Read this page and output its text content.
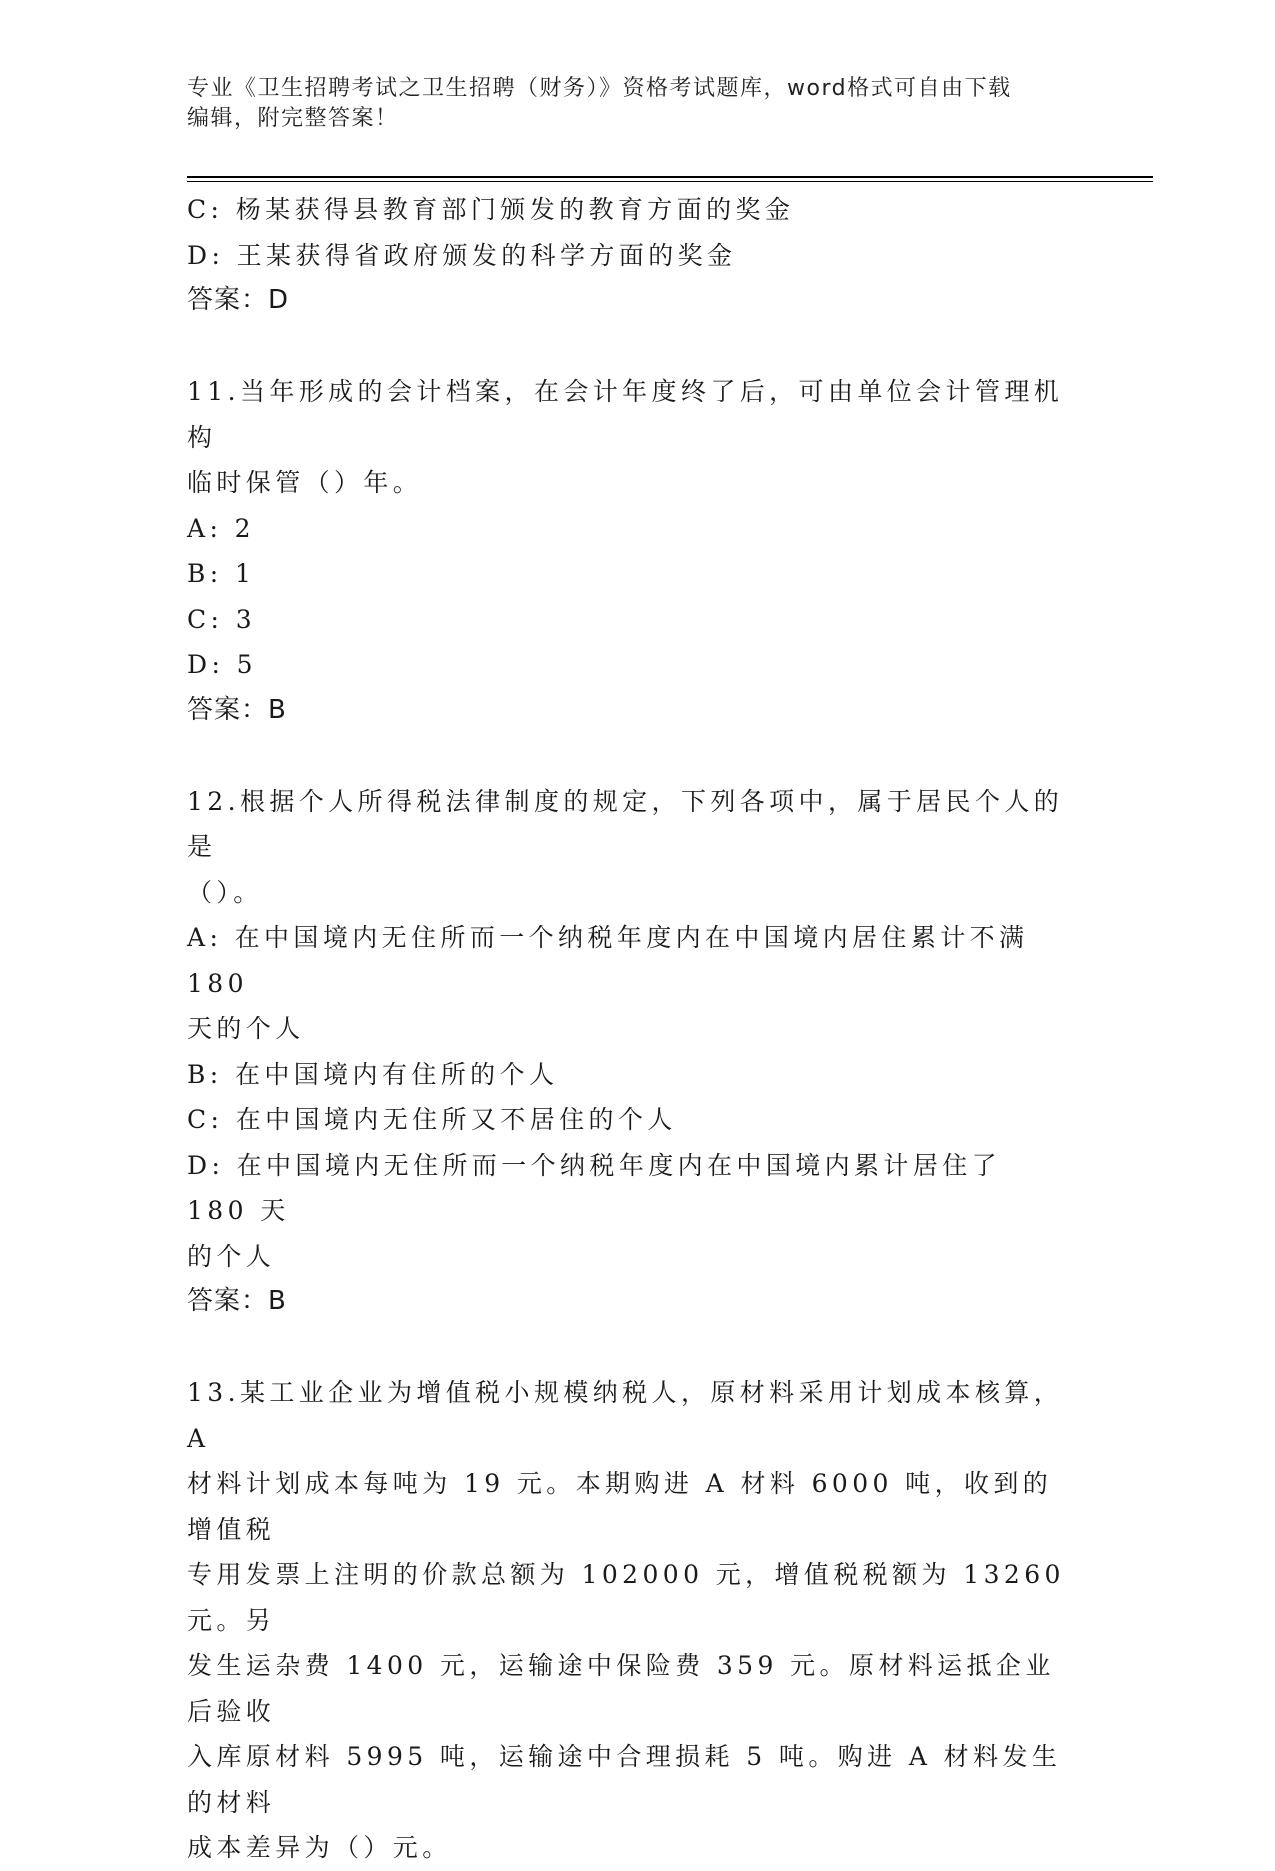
专业《卫生招聘考试之卫生招聘（财务）》资格考试题库，word格式可自由下载
编辑，附完整答案！
C: 杨某获得县教育部门颁发的教育方面的奖金
D: 王某获得省政府颁发的科学方面的奖金
答案：D
11.当年形成的会计档案，在会计年度终了后，可由单位会计管理机构
临时保管（）年。
A: 2
B: 1
C: 3
D: 5
答案：B
12.根据个人所得税法律制度的规定，下列各项中，属于居民个人的是
（）。
A: 在中国境内无住所而一个纳税年度内在中国境内居住累计不满 180
天的个人
B: 在中国境内有住所的个人
C: 在中国境内无住所又不居住的个人
D: 在中国境内无住所而一个纳税年度内在中国境内累计居住了 180 天
的个人
答案：B
13.某工业企业为增值税小规模纳税人，原材料采用计划成本核算，A
材料计划成本每吨为 19 元。本期购进 A 材料 6000 吨，收到的增值税
专用发票上注明的价款总额为 102000 元，增值税税额为 13260 元。另
发生运杂费 1400 元，运输途中保险费 359 元。原材料运抵企业后验收
入库原材料 5995 吨，运输途中合理损耗 5 吨。购进 A 材料发生的材料
成本差异为（）元。
